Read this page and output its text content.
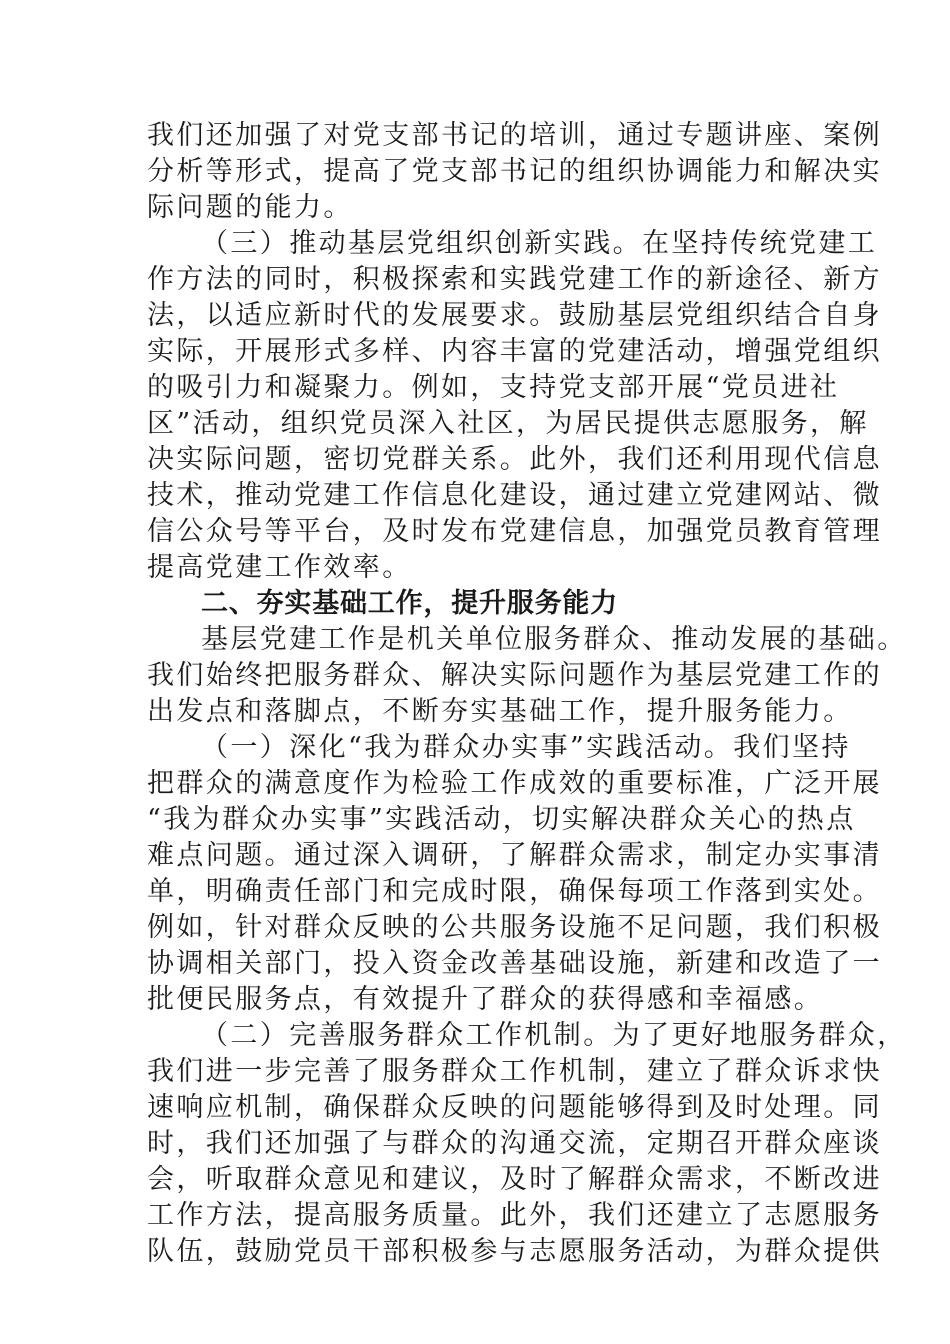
我们还加强了对党支部书记的培训，通过专题讲座、案例
分析等形式，提高了党支部书记的组织协调能力和解决实
际问题的能力。
（三）推动基层党组织创新实践。在坚持传统党建工
作方法的同时，积极探索和实践党建工作的新途径、新方
法，以适应新时代的发展要求。鼓励基层党组织结合自身
实际，开展形式多样、内容丰富的党建活动，增强党组织
的吸引力和凝聚力。例如，支持党支部开展“党员进社
区”活动，组织党员深入社区，为居民提供志愿服务，解
决实际问题，密切党群关系。此外，我们还利用现代信息
技术，推动党建工作信息化建设，通过建立党建网站、微
信公众号等平台，及时发布党建信息，加强党员教育管理
提高党建工作效率。
二、夯实基础工作，提升服务能力
基层党建工作是机关单位服务群众、推动发展的基础。
我们始终把服务群众、解决实际问题作为基层党建工作的
出发点和落脚点，不断夯实基础工作，提升服务能力。
（一）深化“我为群众办实事”实践活动。我们坚持
把群众的满意度作为检验工作成效的重要标准，广泛开展
“我为群众办实事”实践活动，切实解决群众关心的热点
难点问题。通过深入调研，了解群众需求，制定办实事清
单，明确责任部门和完成时限，确保每项工作落到实处。
例如，针对群众反映的公共服务设施不足问题，我们积极
协调相关部门，投入资金改善基础设施，新建和改造了一
批便民服务点，有效提升了群众的获得感和幸福感。
（二）完善服务群众工作机制。为了更好地服务群众，
我们进一步完善了服务群众工作机制，建立了群众诉求快
速响应机制，确保群众反映的问题能够得到及时处理。同
时，我们还加强了与群众的沟通交流，定期召开群众座谈
会，听取群众意见和建议，及时了解群众需求，不断改进
工作方法，提高服务质量。此外，我们还建立了志愿服务
队伍，鼓励党员干部积极参与志愿服务活动，为群众提供
